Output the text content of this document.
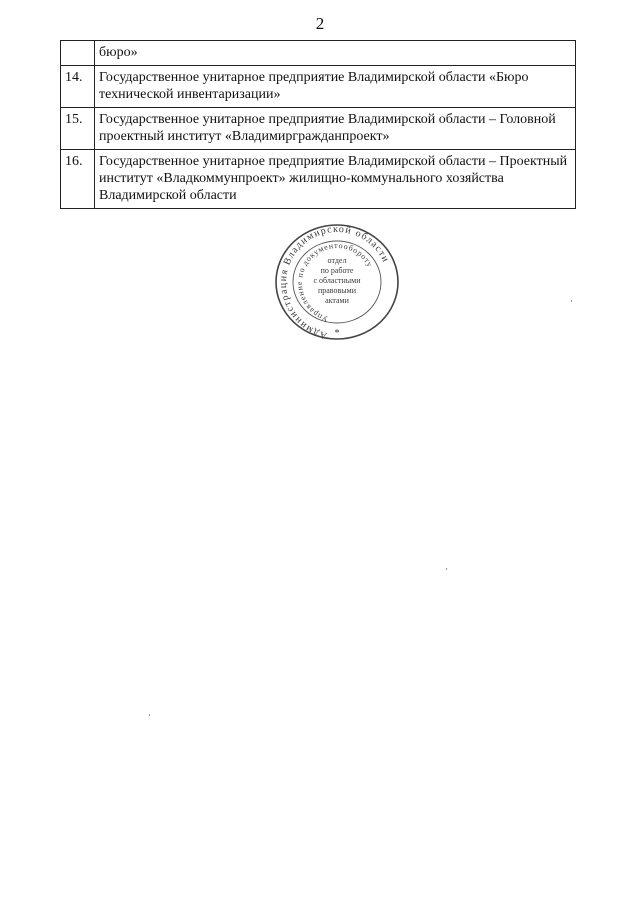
2
	бюро»
14.	Государственное унитарное предприятие Владимирской области «Бюро технической инвентаризации»
15.	Государственное унитарное предприятие Владимирской области – Головной проектный институт «Владимиргражданпроект»
16.	Государственное унитарное предприятие Владимирской области – Проектный институт «Владкоммунпроект» жилищно-коммунального хозяйства Владимирской области
Администрация Владимирской области
Управление по документообороту
отдел
по работе
с областными
правовыми
актами
*
